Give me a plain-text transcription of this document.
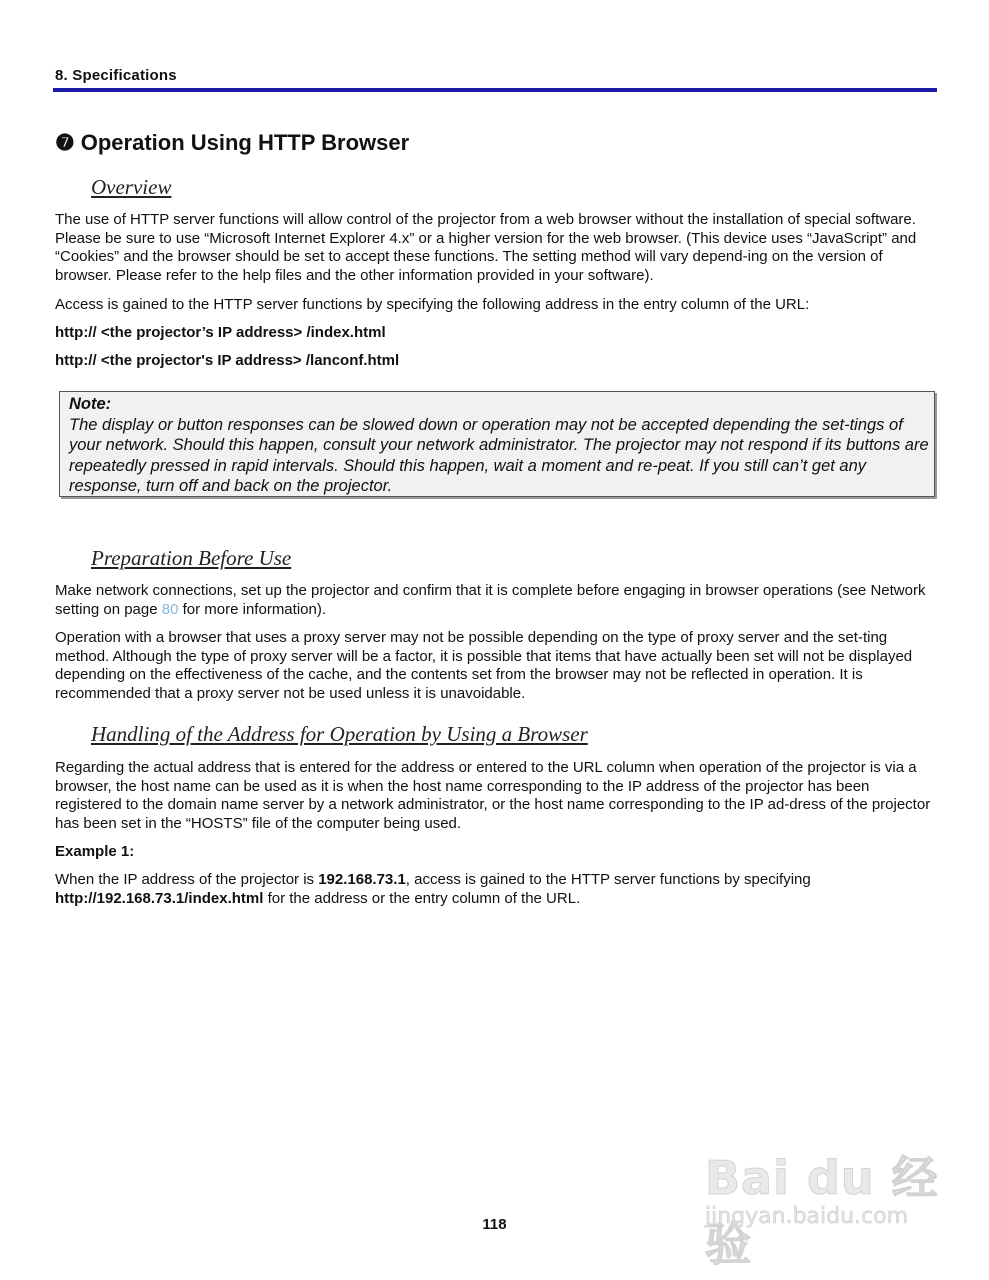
8. Specifications
❼ Operation Using HTTP Browser
Overview
The use of HTTP server functions will allow control of the projector from a web browser without the installation of special software. Please be sure to use “Microsoft Internet Explorer 4.x” or a higher version for the web browser. (This device uses “JavaScript” and “Cookies” and the browser should be set to accept these functions. The setting method will vary depend-ing on the version of browser. Please refer to the help files and the other information provided in your software).
Access is gained to the HTTP server functions by specifying the following address in the entry column of the URL:
http:// <the projector’s IP address> /index.html
http:// <the projector's IP address> /lanconf.html
Note:
The display or button responses can be slowed down or operation may not be accepted depending the set-tings of your network. Should this happen, consult your network administrator. The projector may not respond if its buttons are repeatedly pressed in rapid intervals. Should this happen, wait a moment and re-peat. If you still can’t get any response, turn off and back on the projector.
Preparation Before Use
Make network connections, set up the projector and confirm that it is complete before engaging in browser operations (see Network setting on page 80 for more information).
Operation with a browser that uses a proxy server may not be possible depending on the type of proxy server and the set-ting method. Although the type of proxy server will be a factor, it is possible that items that have actually been set will not be displayed depending on the effectiveness of the cache, and the contents set from the browser may not be reflected in operation. It is recommended that a proxy server not be used unless it is unavoidable.
Handling of the Address for Operation by Using a Browser
Regarding the actual address that is entered for the address or entered to the URL column when operation of the projector is via a browser, the host name can be used as it is when the host name corresponding to the IP address of the projector has been registered to the domain name server by a network administrator, or the host name corresponding to the IP ad-dress of the projector has been set in the “HOSTS” file of the computer being used.
Example 1:
When the IP address of the projector is 192.168.73.1, access is gained to the HTTP server functions by specifying http://192.168.73.1/index.html for the address or the entry column of the URL.
Bai du 经验
jingyan.baidu.com
118
